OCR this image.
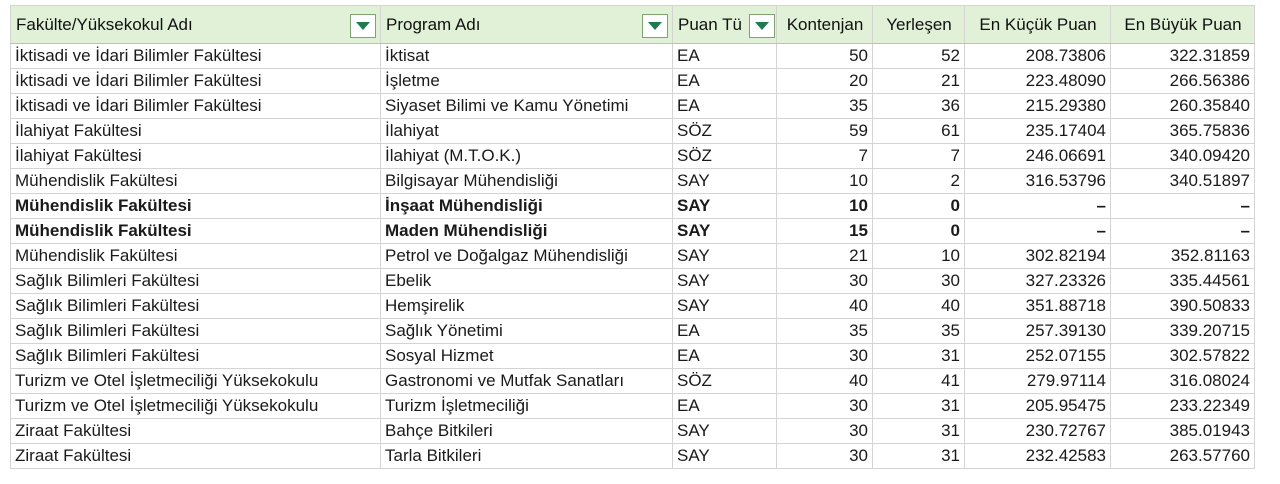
Fakülte/Yüksekokul Adı	Program Adı	Puan Tü	Kontenjan	Yerleşen	En Küçük Puan	En Büyük Puan
İktisadi ve İdari Bilimler Fakültesi	İktisat	EA	50	52	208.73806	322.31859
İktisadi ve İdari Bilimler Fakültesi	İşletme	EA	20	21	223.48090	266.56386
İktisadi ve İdari Bilimler Fakültesi	Siyaset Bilimi ve Kamu Yönetimi	EA	35	36	215.29380	260.35840
İlahiyat Fakültesi	İlahiyat	SÖZ	59	61	235.17404	365.75836
İlahiyat Fakültesi	İlahiyat (M.T.O.K.)	SÖZ	7	7	246.06691	340.09420
Mühendislik Fakültesi	Bilgisayar Mühendisliği	SAY	10	2	316.53796	340.51897
Mühendislik Fakültesi	İnşaat Mühendisliği	SAY	10	0	–	–
Mühendislik Fakültesi	Maden Mühendisliği	SAY	15	0	–	–
Mühendislik Fakültesi	Petrol ve Doğalgaz Mühendisliği	SAY	21	10	302.82194	352.81163
Sağlık Bilimleri Fakültesi	Ebelik	SAY	30	30	327.23326	335.44561
Sağlık Bilimleri Fakültesi	Hemşirelik	SAY	40	40	351.88718	390.50833
Sağlık Bilimleri Fakültesi	Sağlık Yönetimi	EA	35	35	257.39130	339.20715
Sağlık Bilimleri Fakültesi	Sosyal Hizmet	EA	30	31	252.07155	302.57822
Turizm ve Otel İşletmeciliği Yüksekokulu	Gastronomi ve Mutfak Sanatları	SÖZ	40	41	279.97114	316.08024
Turizm ve Otel İşletmeciliği Yüksekokulu	Turizm İşletmeciliği	EA	30	31	205.95475	233.22349
Ziraat Fakültesi	Bahçe Bitkileri	SAY	30	31	230.72767	385.01943
Ziraat Fakültesi	Tarla Bitkileri	SAY	30	31	232.42583	263.57760
